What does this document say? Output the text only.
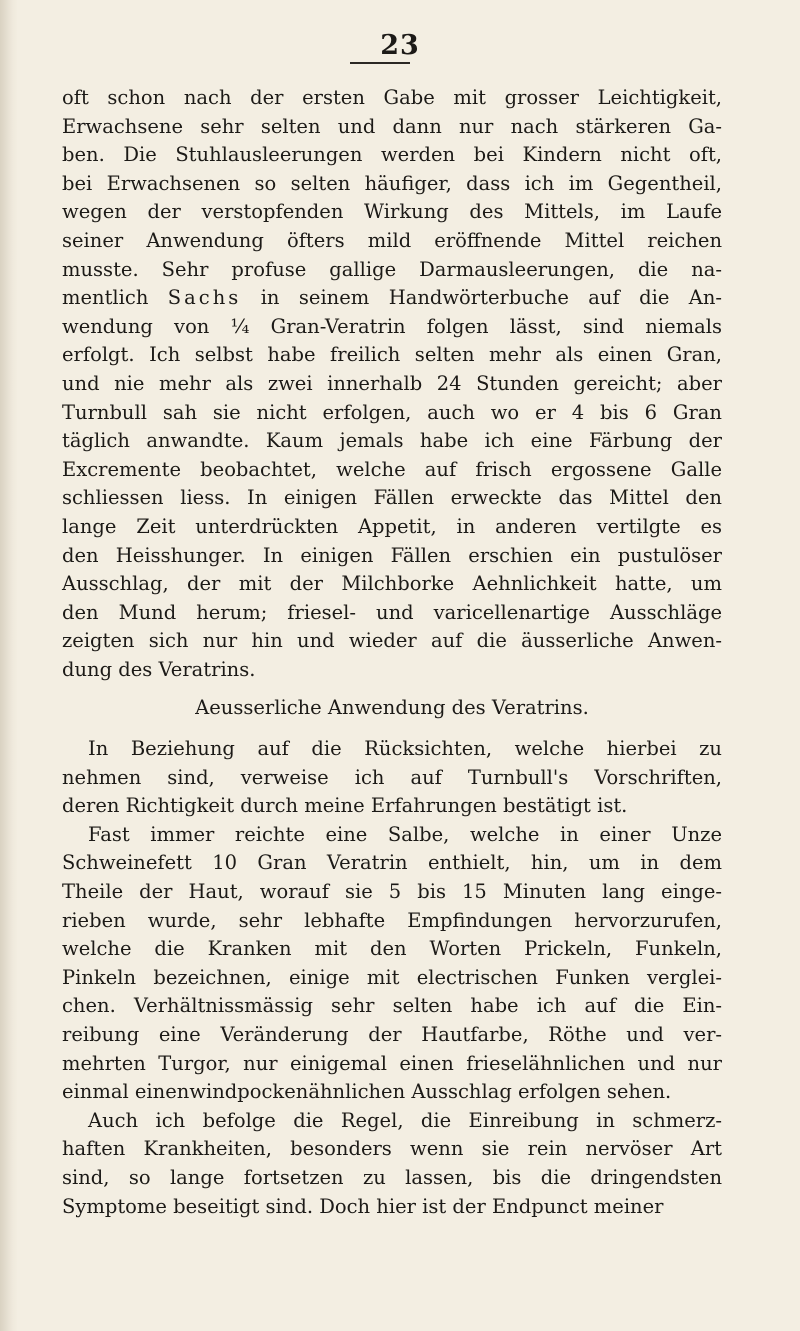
23
oft schon nach der ersten Gabe mit grosser Leichtigkeit,
Erwachsene sehr selten und dann nur nach stärkeren Ga-
ben. Die Stuhlausleerungen werden bei Kindern nicht oft,
bei Erwachsenen so selten häufiger, dass ich im Gegentheil,
wegen der verstopfenden Wirkung des Mittels, im Laufe
seiner Anwendung öfters mild eröffnende Mittel reichen
musste. Sehr profuse gallige Darmausleerungen, die na-
mentlich Sachs in seinem Handwörterbuche auf die An-
wendung von ¼ Gran-Veratrin folgen lässt, sind niemals
erfolgt. Ich selbst habe freilich selten mehr als einen Gran,
und nie mehr als zwei innerhalb 24 Stunden gereicht; aber
Turnbull sah sie nicht erfolgen, auch wo er 4 bis 6 Gran
täglich anwandte. Kaum jemals habe ich eine Färbung der
Excremente beobachtet, welche auf frisch ergossene Galle
schliessen liess. In einigen Fällen erweckte das Mittel den
lange Zeit unterdrückten Appetit, in anderen vertilgte es
den Heisshunger. In einigen Fällen erschien ein pustulöser
Ausschlag, der mit der Milchborke Aehnlichkeit hatte, um
den Mund herum; friesel- und varicellenartige Ausschläge
zeigten sich nur hin und wieder auf die äusserliche Anwen-
dung des Veratrins.
Aeusserliche Anwendung des Veratrins.
In Beziehung auf die Rücksichten, welche hierbei zu
nehmen sind, verweise ich auf Turnbull's Vorschriften,
deren Richtigkeit durch meine Erfahrungen bestätigt ist.
Fast immer reichte eine Salbe, welche in einer Unze
Schweinefett 10 Gran Veratrin enthielt, hin, um in dem
Theile der Haut, worauf sie 5 bis 15 Minuten lang einge-
rieben wurde, sehr lebhafte Empfindungen hervorzurufen,
welche die Kranken mit den Worten Prickeln, Funkeln,
Pinkeln bezeichnen, einige mit electrischen Funken verglei-
chen. Verhältnissmässig sehr selten habe ich auf die Ein-
reibung eine Veränderung der Hautfarbe, Röthe und ver-
mehrten Turgor, nur einigemal einen frieselähnlichen und nur
einmal einenwindpockenähnlichen Ausschlag erfolgen sehen.
Auch ich befolge die Regel, die Einreibung in schmerz-
haften Krankheiten, besonders wenn sie rein nervöser Art
sind, so lange fortsetzen zu lassen, bis die dringendsten
Symptome beseitigt sind. Doch hier ist der Endpunct meiner
